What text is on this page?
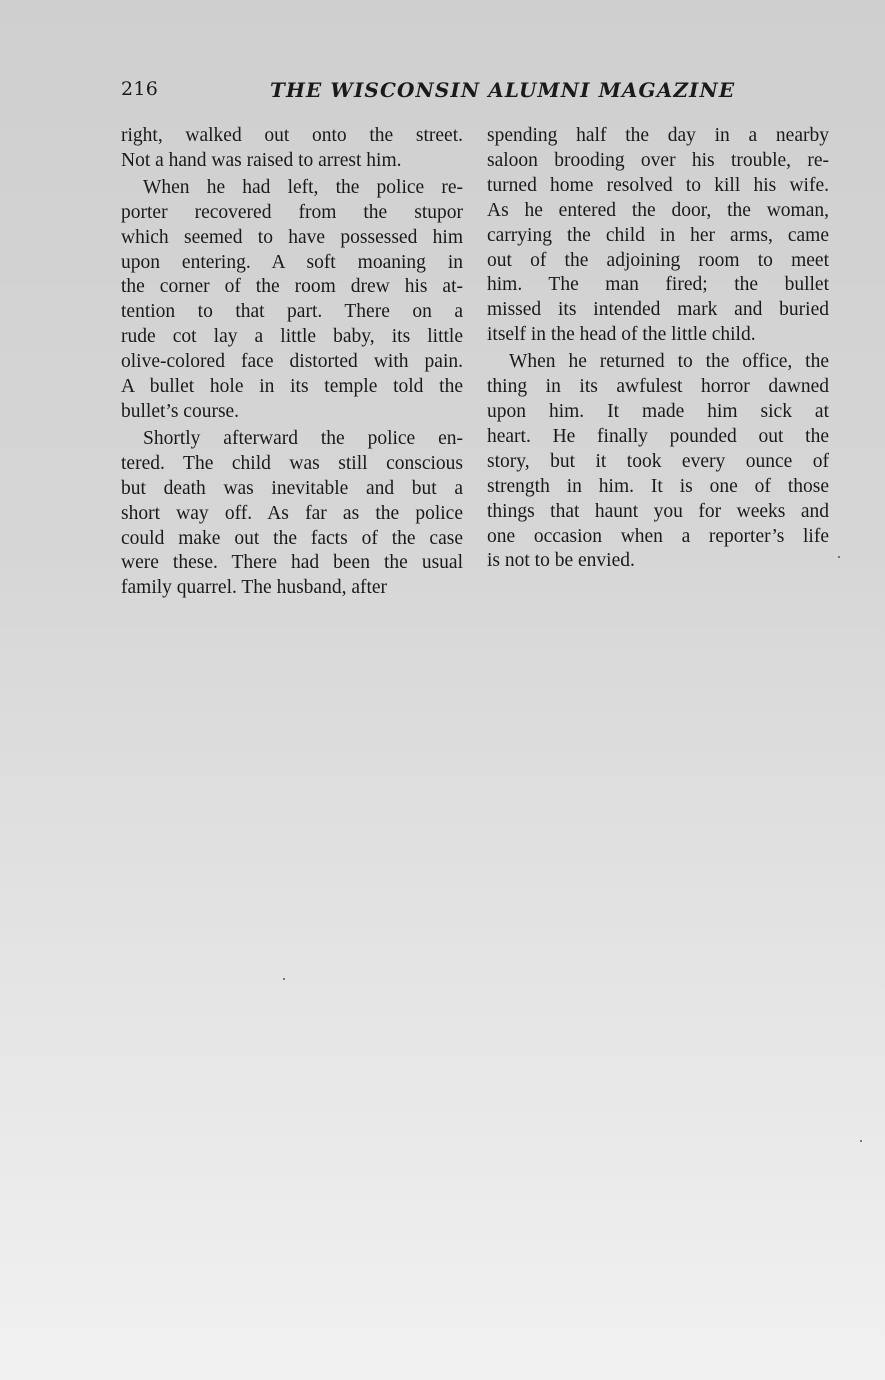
216	THE WISCONSIN ALUMNI MAGAZINE
right, walked out onto the street.
Not a hand was raised to arrest him.
When he had left, the police re-
porter recovered from the stupor
which seemed to have possessed him
upon entering. A soft moaning in
the corner of the room drew his at-
tention to that part. There on a
rude cot lay a little baby, its little
olive-colored face distorted with pain.
A bullet hole in its temple told the
bullet’s course.
Shortly afterward the police en-
tered. The child was still conscious
but death was inevitable and but a
short way off. As far as the police
could make out the facts of the case
were these. There had been the usual
family quarrel. The husband, after
spending half the day in a nearby
saloon brooding over his trouble, re-
turned home resolved to kill his wife.
As he entered the door, the woman,
carrying the child in her arms, came
out of the adjoining room to meet
him. The man fired; the bullet
missed its intended mark and buried
itself in the head of the little child.
When he returned to the office, the
thing in its awfulest horror dawned
upon him. It made him sick at
heart. He finally pounded out the
story, but it took every ounce of
strength in him. It is one of those
things that haunt you for weeks and
one occasion when a reporter’s life
is not to be envied.
